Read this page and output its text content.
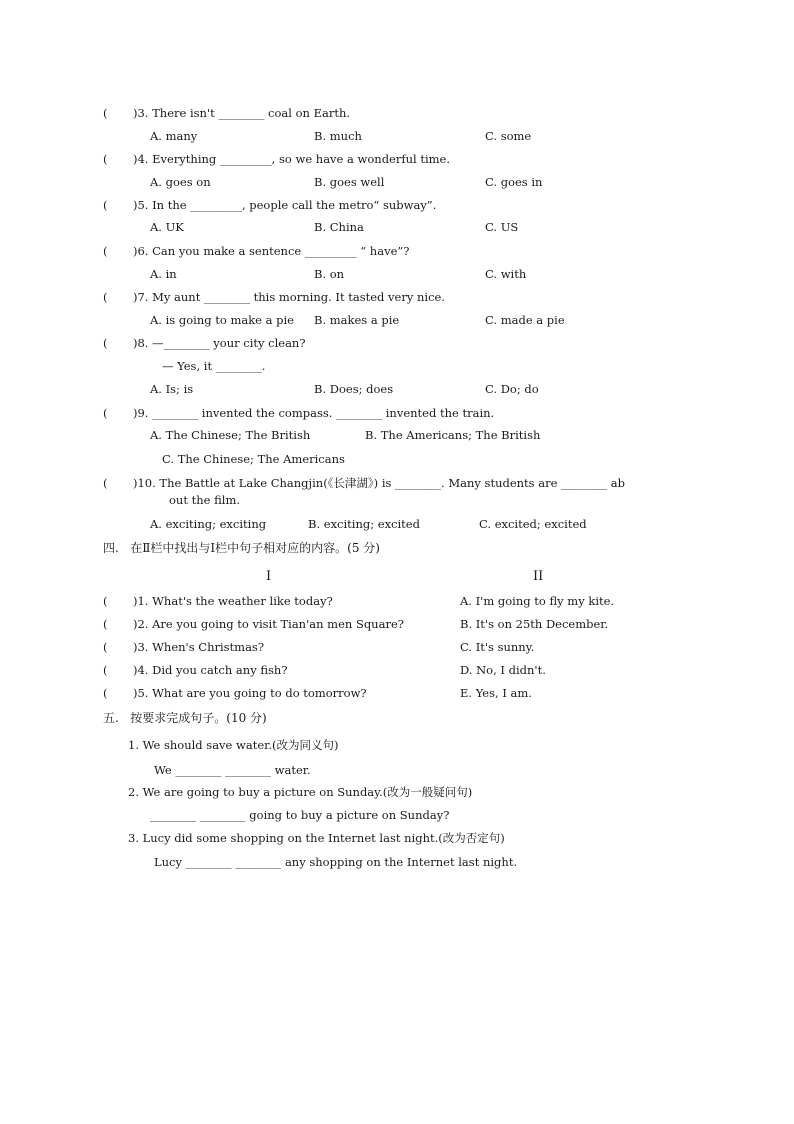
( )3. There isn't ________ coal on Earth.
A. many	B. much	C. some
( )4. Everything _________, so we have a wonderful time.
A. goes on	B. goes well	C. goes in
( )5. In the _________, people call the metro“ subway”.
A. UK	B. China	C. US
( )6. Can you make a sentence _________ “ have”?
A. in	B. on	C. with
( )7. My aunt ________ this morning. It tasted very nice.
A. is going to make a pie B. makes a pie	C. made a pie
( )8. —________ your city clean?
— Yes, it ________.
A. Is; is	B. Does; does	C. Do; do
( )9. ________ invented the compass. ________ invented the train.
A. The Chinese; The British	B. The Americans; The British
C. The Chinese; The Americans
( )10. The Battle at Lake Changjin(《长津湖》) is ________. Many students are ________ ab
out the film.
A. exciting; exciting	B. exciting; excited	C. excited; excited
四.   在Ⅱ栏中找出与Ⅰ栏中句子相对应的内容。(5 分)
I	II
( )1. What's the weather like today?	A. I'm going to fly my kite.
( )2. Are you going to visit Tian'an men Square?	B. It's on 25th December.
( )3. When's Christmas?	C. It's sunny.
( )4. Did you catch any fish?	D. No, I didn't.
( )5. What are you going to do tomorrow?	E. Yes, I am.
五.   按要求完成句子。(10 分)
1. We should save water.(改为同义句)
We ________ ________ water.
2. We are going to buy a picture on Sunday.(改为一般疑问句)
________ ________ going to buy a picture on Sunday?
3. Lucy did some shopping on the Internet last night.(改为否定句)
Lucy ________ ________ any shopping on the Internet last night.
